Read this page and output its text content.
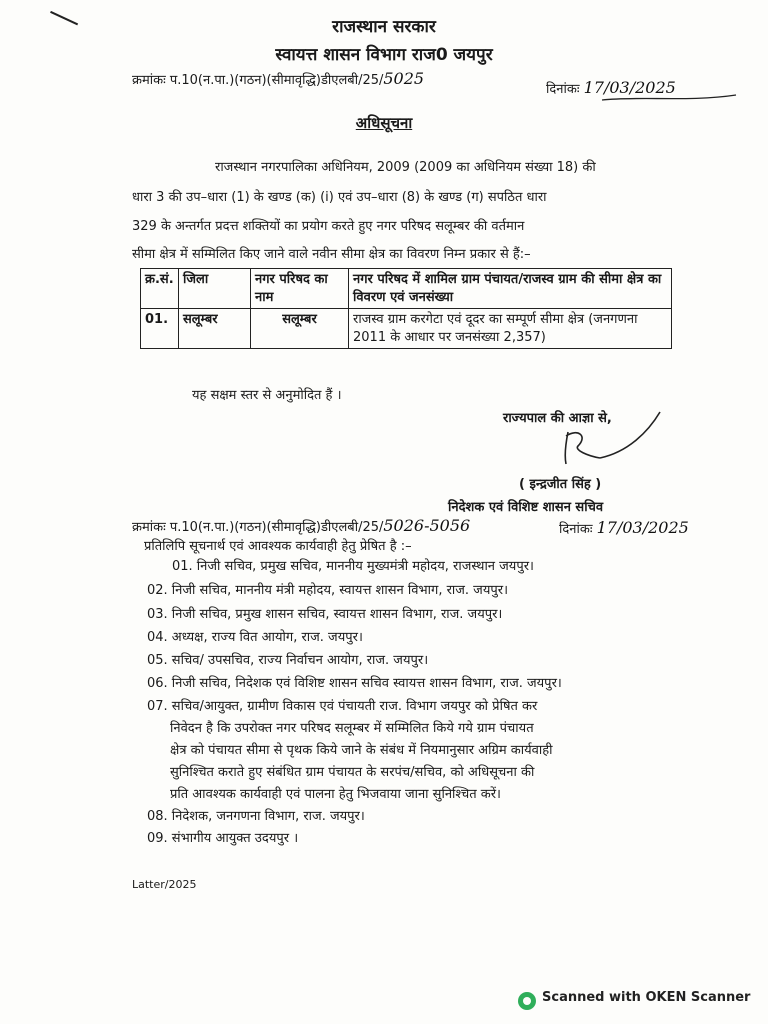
राजस्थान सरकार
स्वायत्त शासन विभाग राज0 जयपुर
क्रमांकः प.10(न.पा.)(गठन)(सीमावृद्धि)डीएलबी/25/5025
दिनांकः 17/03/2025
अधिसूचना
राजस्थान नगरपालिका अधिनियम, 2009 (2009 का अधिनियम संख्या 18) की
धारा 3 की उप–धारा (1) के खण्ड (क) (i) एवं उप–धारा (8) के खण्ड (ग) सपठित धारा
329 के अन्तर्गत प्रदत्त शक्तियों का प्रयोग करते हुए नगर परिषद सलूम्बर की वर्तमान
सीमा क्षेत्र में सम्मिलित किए जाने वाले नवीन सीमा क्षेत्र का विवरण निम्न प्रकार से हैं:–
क्र.सं.	जिला	नगर परिषद का नाम	नगर परिषद में शामिल ग्राम पंचायत/राजस्व ग्राम की सीमा क्षेत्र का विवरण एवं जनसंख्या
01.	सलूम्बर	सलूम्बर	राजस्व ग्राम करगेटा एवं दूदर का सम्पूर्ण सीमा क्षेत्र (जनगणना 2011 के आधार पर जनसंख्या 2,357)
यह सक्षम स्तर से अनुमोदित हैं ।
राज्यपाल की आज्ञा से,
( इन्द्रजीत सिंह )
निदेशक एवं विशिष्ट शासन सचिव
क्रमांकः प.10(न.पा.)(गठन)(सीमावृद्धि)डीएलबी/25/5026-5056	दिनांकः 17/03/2025
प्रतिलिपि सूचनार्थ एवं आवश्यक कार्यवाही हेतु प्रेषित है :–
01. निजी सचिव, प्रमुख सचिव, माननीय मुख्यमंत्री महोदय, राजस्थान जयपुर।
02. निजी सचिव, माननीय मंत्री महोदय, स्वायत्त शासन विभाग, राज. जयपुर।
03. निजी सचिव, प्रमुख शासन सचिव, स्वायत्त शासन विभाग, राज. जयपुर।
04. अध्यक्ष, राज्य वित आयोग, राज. जयपुर।
05. सचिव/ उपसचिव, राज्य निर्वाचन आयोग, राज. जयपुर।
06. निजी सचिव, निदेशक एवं विशिष्ट शासन सचिव स्वायत्त शासन विभाग, राज. जयपुर।
07. सचिव/आयुक्त, ग्रामीण विकास एवं पंचायती राज. विभाग जयपुर को प्रेषित कर
निवेदन है कि उपरोक्त नगर परिषद सलूम्बर में सम्मिलित किये गये ग्राम पंचायत
क्षेत्र को पंचायत सीमा से पृथक किये जाने के संबंध में नियमानुसार अग्रिम कार्यवाही
सुनिश्चित कराते हुए संबंधित ग्राम पंचायत के सरपंच/सचिव, को अधिसूचना की
प्रति आवश्यक कार्यवाही एवं पालना हेतु भिजवाया जाना सुनिश्चित करें।
08. निदेशक, जनगणना विभाग, राज. जयपुर।
09. संभागीय आयुक्त उदयपुर ।
Latter/2025
Scanned with OKEN Scanner
